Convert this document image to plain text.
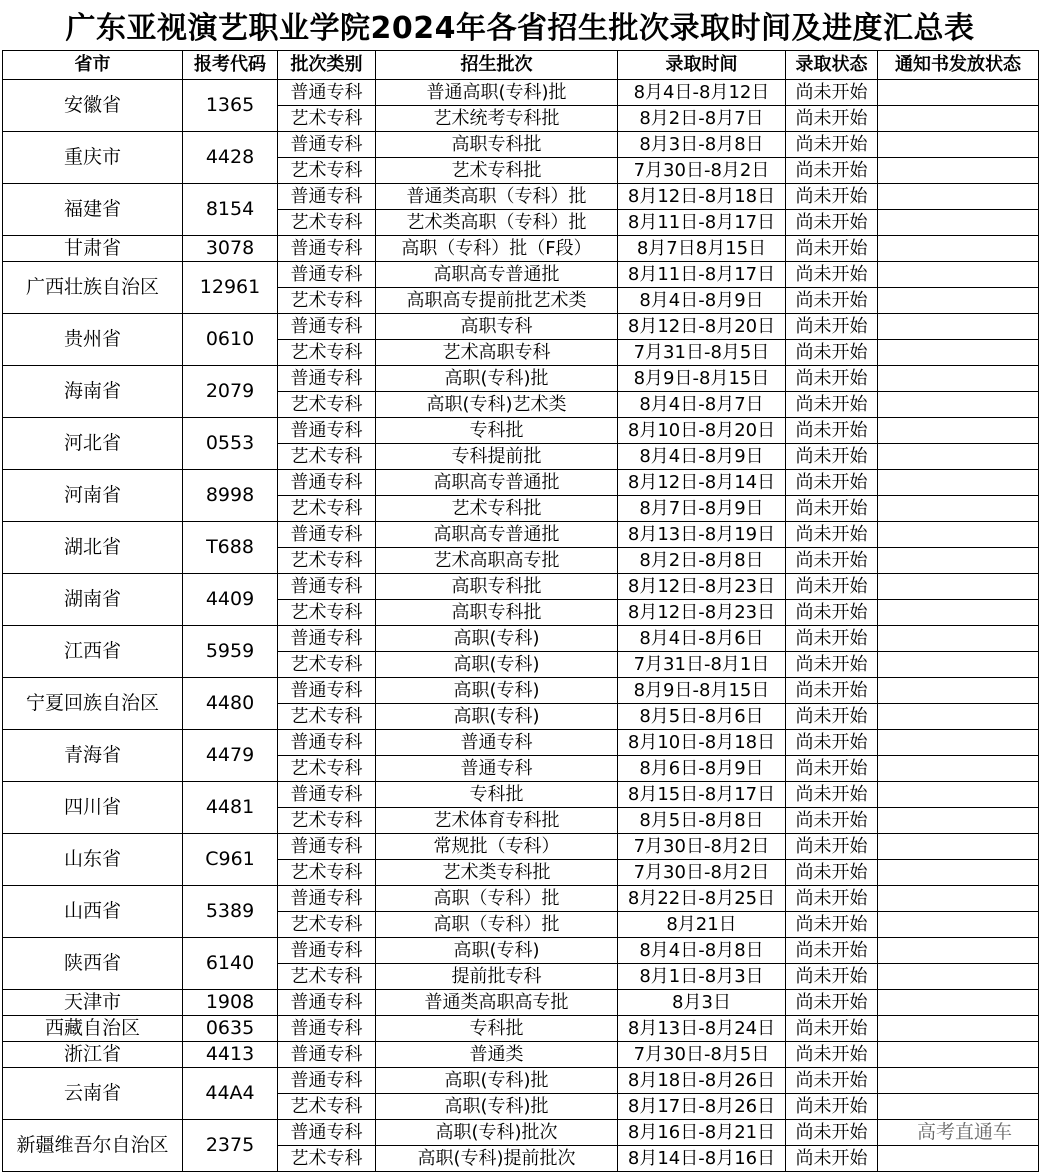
广东亚视演艺职业学院2024年各省招生批次录取时间及进度汇总表
省市	报考代码	批次类别	招生批次	录取时间	录取状态	通知书发放状态
安徽省	1365	普通专科	普通高职(专科)批	8月4日-8月12日	尚未开始	
		艺术专科	艺术统考专科批	8月2日-8月7日	尚未开始	
重庆市	4428	普通专科	高职专科批	8月3日-8月8日	尚未开始	
		艺术专科	艺术专科批	7月30日-8月2日	尚未开始	
福建省	8154	普通专科	普通类高职（专科）批	8月12日-8月18日	尚未开始	
		艺术专科	艺术类高职（专科）批	8月11日-8月17日	尚未开始	
甘肃省	3078	普通专科	高职（专科）批（F段）	8月7日8月15日	尚未开始	
广西壮族自治区	12961	普通专科	高职高专普通批	8月11日-8月17日	尚未开始	
		艺术专科	高职高专提前批艺术类	8月4日-8月9日	尚未开始	
贵州省	0610	普通专科	高职专科	8月12日-8月20日	尚未开始	
		艺术专科	艺术高职专科	7月31日-8月5日	尚未开始	
海南省	2079	普通专科	高职(专科)批	8月9日-8月15日	尚未开始	
		艺术专科	高职(专科)艺术类	8月4日-8月7日	尚未开始	
河北省	0553	普通专科	专科批	8月10日-8月20日	尚未开始	
		艺术专科	专科提前批	8月4日-8月9日	尚未开始	
河南省	8998	普通专科	高职高专普通批	8月12日-8月14日	尚未开始	
		艺术专科	艺术专科批	8月7日-8月9日	尚未开始	
湖北省	T688	普通专科	高职高专普通批	8月13日-8月19日	尚未开始	
		艺术专科	艺术高职高专批	8月2日-8月8日	尚未开始	
湖南省	4409	普通专科	高职专科批	8月12日-8月23日	尚未开始	
		艺术专科	高职专科批	8月12日-8月23日	尚未开始	
江西省	5959	普通专科	高职(专科)	8月4日-8月6日	尚未开始	
		艺术专科	高职(专科)	7月31日-8月1日	尚未开始	
宁夏回族自治区	4480	普通专科	高职(专科)	8月9日-8月15日	尚未开始	
		艺术专科	高职(专科)	8月5日-8月6日	尚未开始	
青海省	4479	普通专科	普通专科	8月10日-8月18日	尚未开始	
		艺术专科	普通专科	8月6日-8月9日	尚未开始	
四川省	4481	普通专科	专科批	8月15日-8月17日	尚未开始	
		艺术专科	艺术体育专科批	8月5日-8月8日	尚未开始	
山东省	C961	普通专科	常规批（专科）	7月30日-8月2日	尚未开始	
		艺术专科	艺术类专科批	7月30日-8月2日	尚未开始	
山西省	5389	普通专科	高职（专科）批	8月22日-8月25日	尚未开始	
		艺术专科	高职（专科）批	8月21日	尚未开始	
陕西省	6140	普通专科	高职(专科)	8月4日-8月8日	尚未开始	
		艺术专科	提前批专科	8月1日-8月3日	尚未开始	
天津市	1908	普通专科	普通类高职高专批	8月3日	尚未开始	
西藏自治区	0635	普通专科	专科批	8月13日-8月24日	尚未开始	
浙江省	4413	普通专科	普通类	7月30日-8月5日	尚未开始	
云南省	44A4	普通专科	高职(专科)批	8月18日-8月26日	尚未开始	
		艺术专科	高职(专科)批	8月17日-8月26日	尚未开始	
新疆维吾尔自治区	2375	普通专科	高职(专科)批次	8月16日-8月21日	尚未开始	
		艺术专科	高职(专科)提前批次	8月14日-8月16日	尚未开始	
高考直通车
